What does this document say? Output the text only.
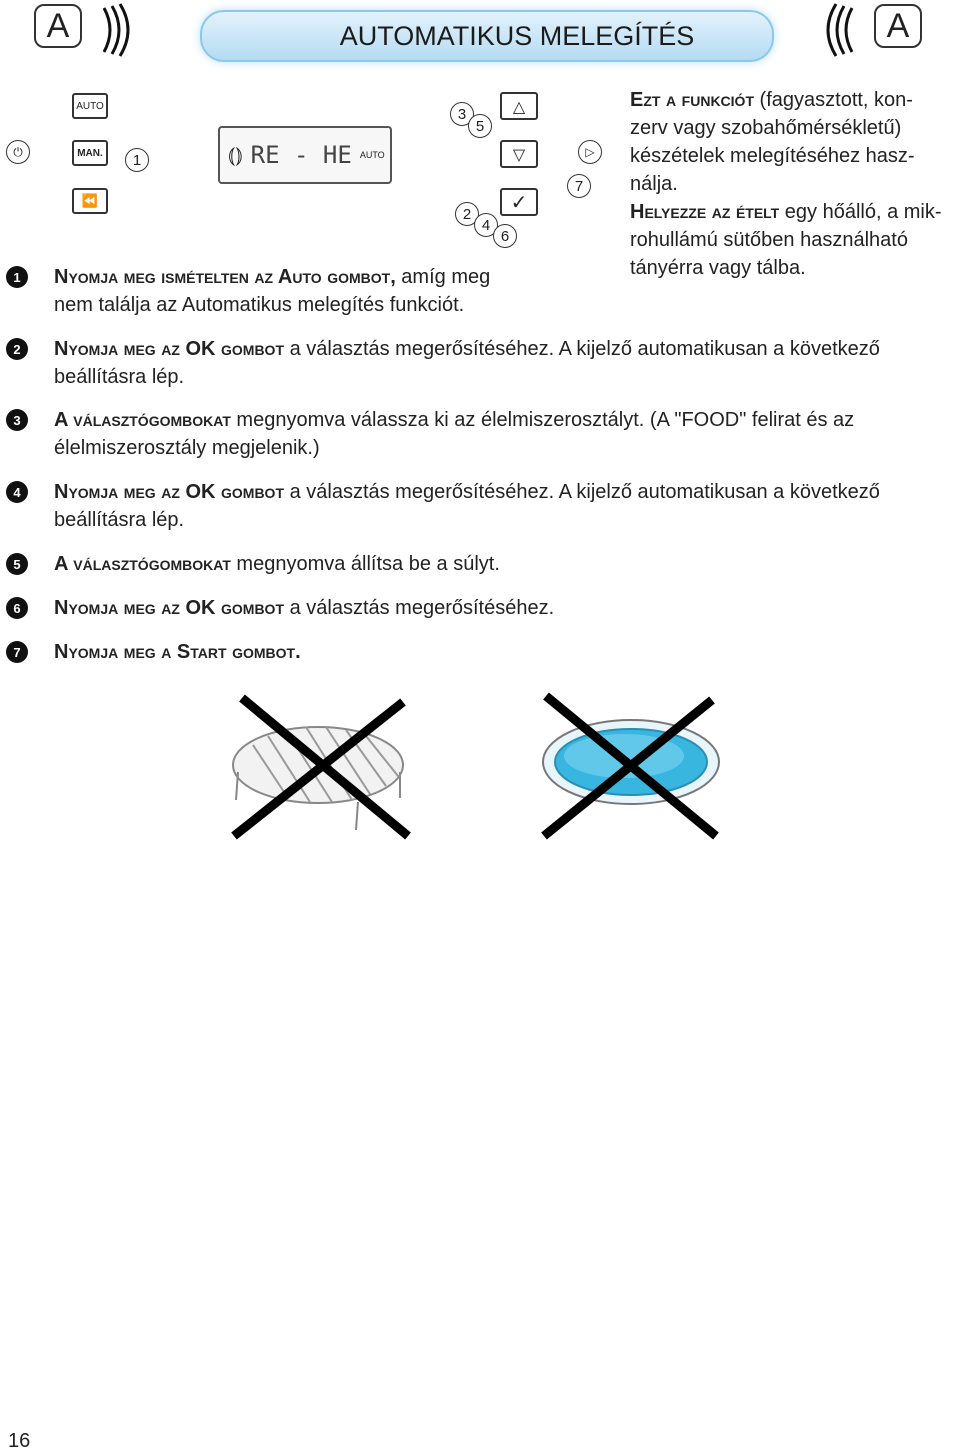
A	AUTOMATIKUS MELEGÍTÉS	A
⏻
AUTO
MAN.
⏪
1	⦅⦆ RE - HE AUTO
3
5
△
▽
✓
2
4
6
▷
7
Ezt a funkciót (fagyasztott, kon-
zerv vagy szobahőmérsékletű)
készételek melegítéséhez hasz-
nálja.
Helyezze az ételt egy hőálló, a mik-
rohullámú sütőben használható
tányérra vagy tálba.
1 Nyomja meg ismételten az Auto gombot, amíg meg
nem találja az Automatikus melegítés funkciót.
2 Nyomja meg az OK gombot a választás megerősítéséhez. A kijelző automatikusan a következő
beállításra lép.
3 A választógombokat megnyomva válassza ki az élelmiszerosztályt. (A "FOOD" felirat és az
élelmiszerosztály megjelenik.)
4 Nyomja meg az OK gombot a választás megerősítéséhez. A kijelző automatikusan a következő
beállításra lép.
5 A választógombokat megnyomva állítsa be a súlyt.
6 Nyomja meg az OK gombot a választás megerősítéséhez.
7 Nyomja meg a Start gombot.
16
